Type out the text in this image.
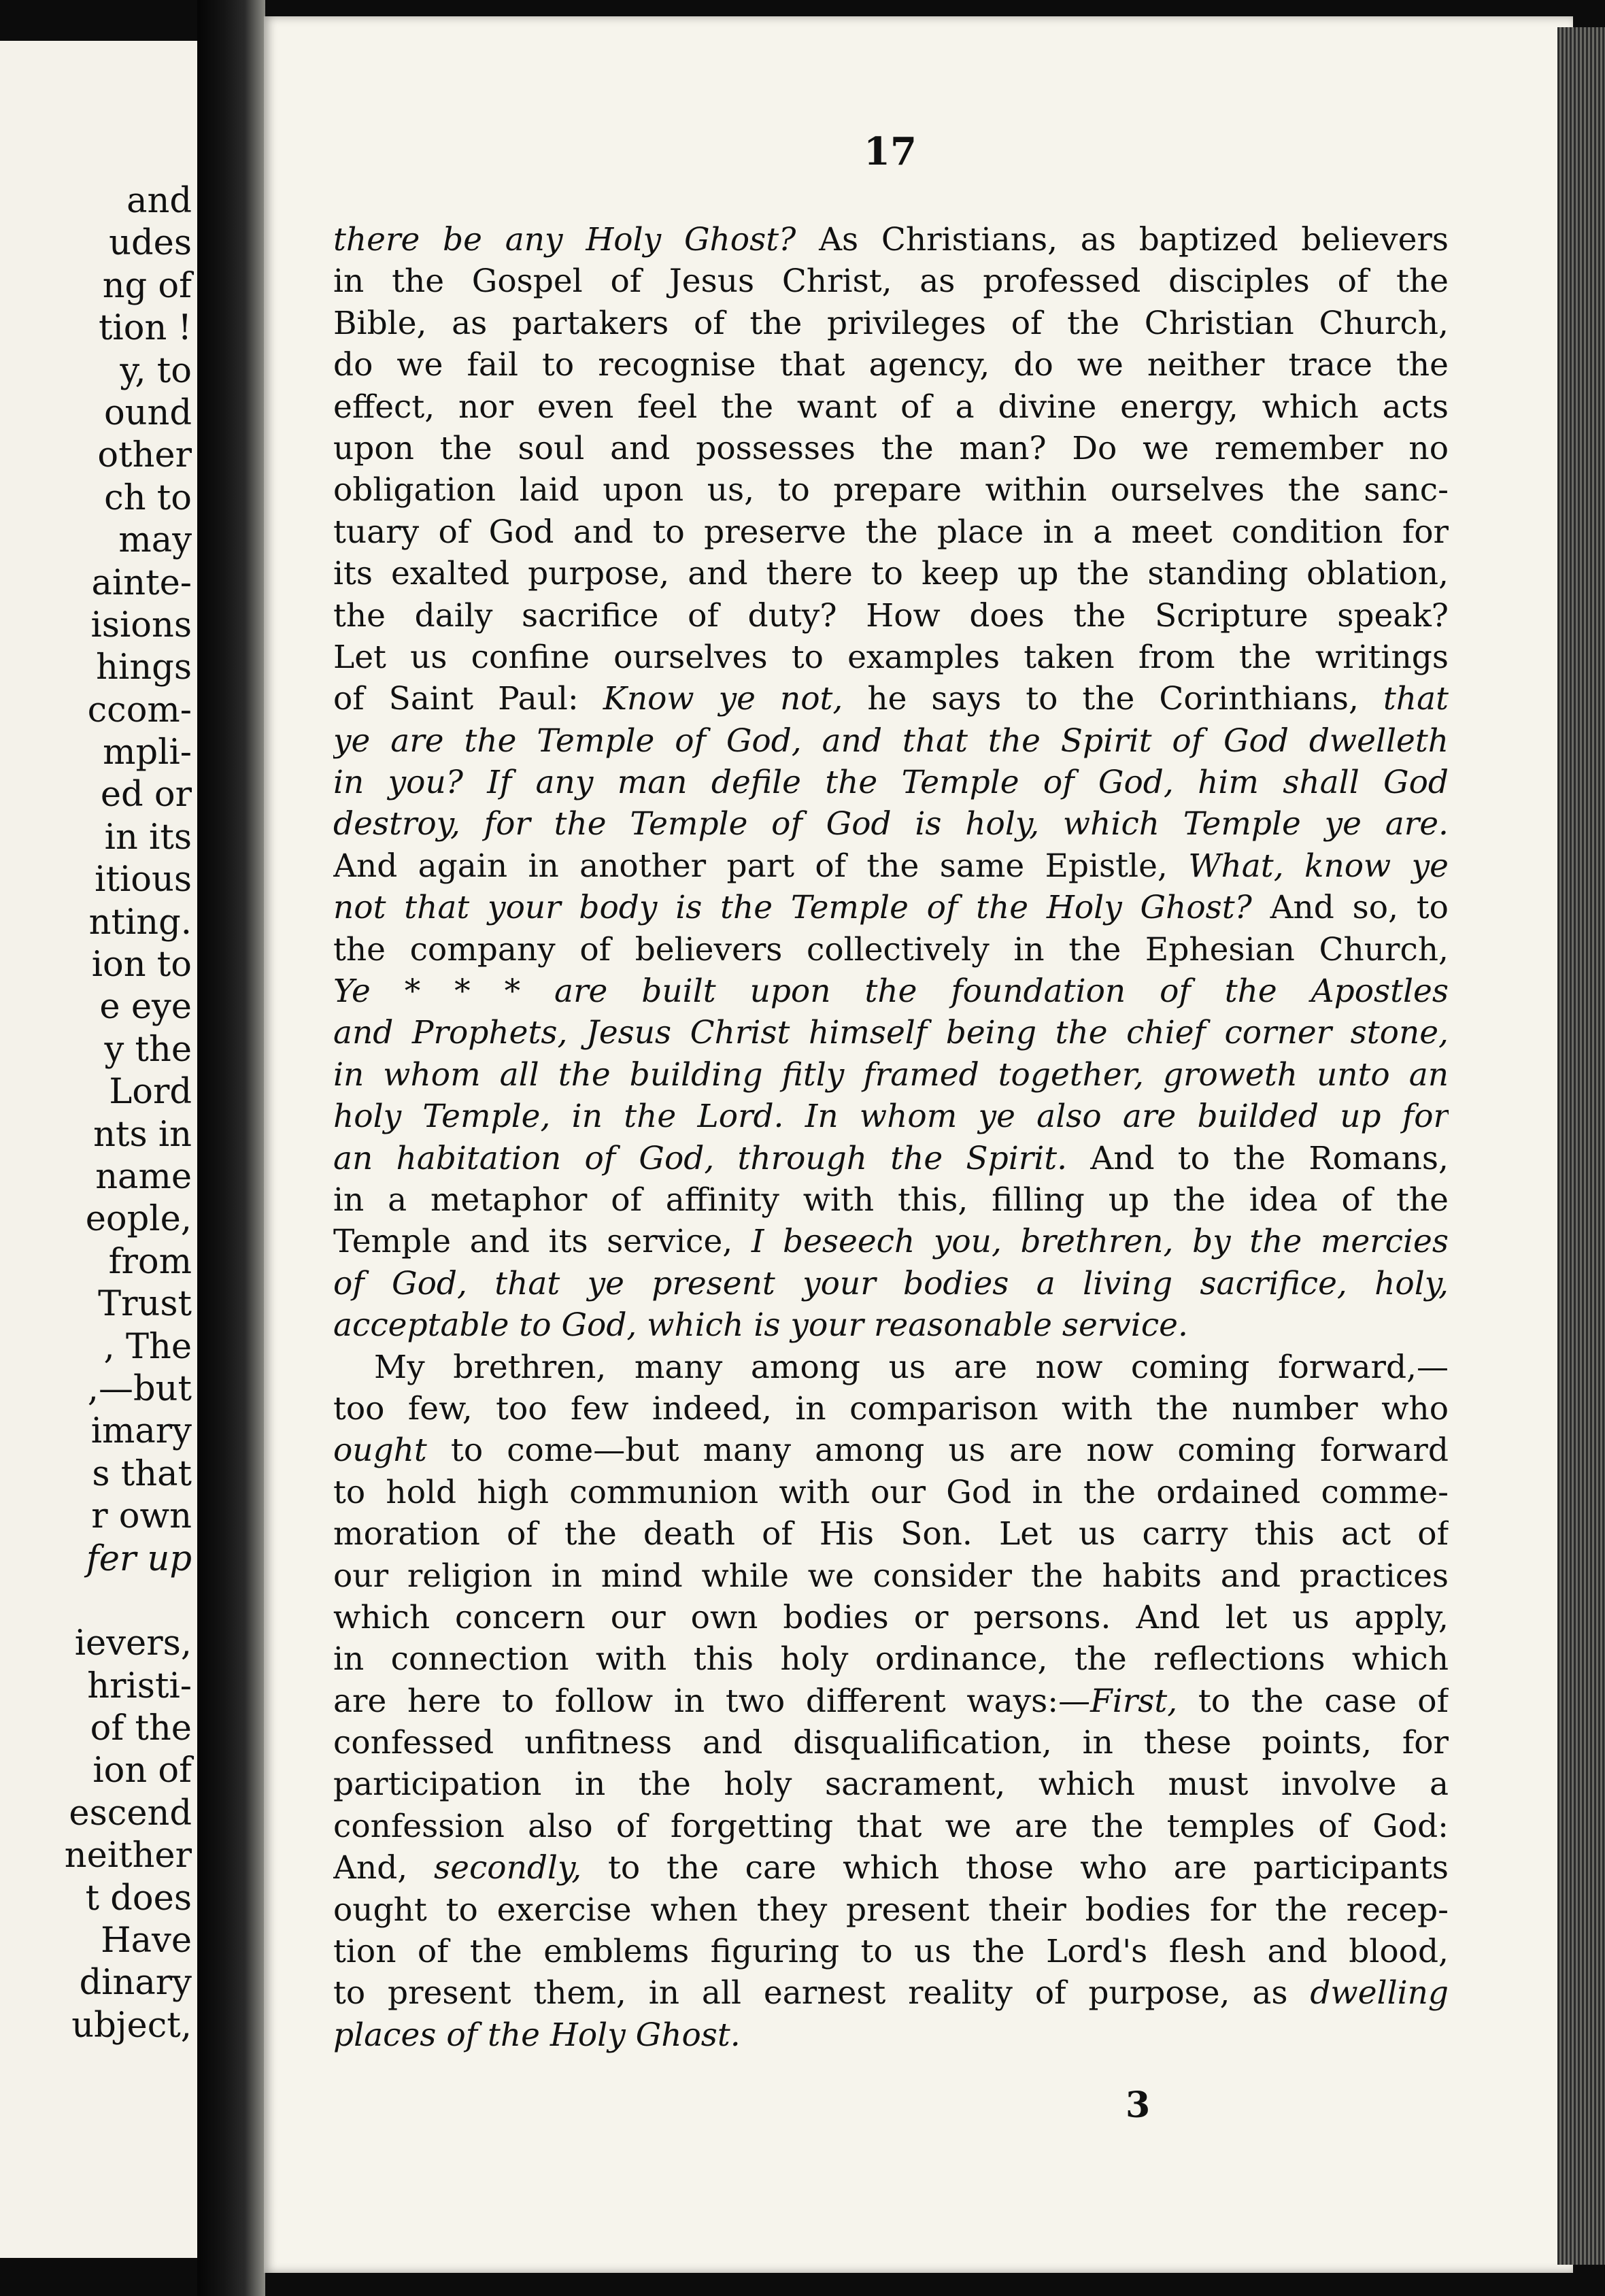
and
udes
ng of
tion !
y, to
ound
other
ch to
may
ainte-
isions
hings
ccom-
mpli-
ed or
in its
itious
nting.
ion to
e eye
y the
Lord
nts in
name
eople,
from
Trust
, The
,—but
imary
s that
r own
fer up
ievers,
hristi-
of the
ion of
escend
neither
t does
Have
dinary
ubject,
17
there be any Holy Ghost? As Christians, as baptized believers
in the Gospel of Jesus Christ, as professed disciples of the
Bible, as partakers of the privileges of the Christian Church,
do we fail to recognise that agency, do we neither trace the
effect, nor even feel the want of a divine energy, which acts
upon the soul and possesses the man? Do we remember no
obligation laid upon us, to prepare within ourselves the sanc-
tuary of God and to preserve the place in a meet condition for
its exalted purpose, and there to keep up the standing oblation,
the daily sacrifice of duty? How does the Scripture speak?
Let us confine ourselves to examples taken from the writings
of Saint Paul: Know ye not, he says to the Corinthians, that
ye are the Temple of God, and that the Spirit of God dwelleth
in you? If any man defile the Temple of God, him shall God
destroy, for the Temple of God is holy, which Temple ye are.
And again in another part of the same Epistle, What, know ye
not that your body is the Temple of the Holy Ghost? And so, to
the company of believers collectively in the Ephesian Church,
Ye * * * are built upon the foundation of the Apostles
and Prophets, Jesus Christ himself being the chief corner stone,
in whom all the building fitly framed together, groweth unto an
holy Temple, in the Lord. In whom ye also are builded up for
an habitation of God, through the Spirit. And to the Romans,
in a metaphor of affinity with this, filling up the idea of the
Temple and its service, I beseech you, brethren, by the mercies
of God, that ye present your bodies a living sacrifice, holy,
acceptable to God, which is your reasonable service.
My brethren, many among us are now coming forward,—
too few, too few indeed, in comparison with the number who
ought to come—but many among us are now coming forward
to hold high communion with our God in the ordained comme-
moration of the death of His Son. Let us carry this act of
our religion in mind while we consider the habits and practices
which concern our own bodies or persons. And let us apply,
in connection with this holy ordinance, the reflections which
are here to follow in two different ways:—First, to the case of
confessed unfitness and disqualification, in these points, for
participation in the holy sacrament, which must involve a
confession also of forgetting that we are the temples of God:
And, secondly, to the care which those who are participants
ought to exercise when they present their bodies for the recep-
tion of the emblems figuring to us the Lord's flesh and blood,
to present them, in all earnest reality of purpose, as dwelling
places of the Holy Ghost.
3
